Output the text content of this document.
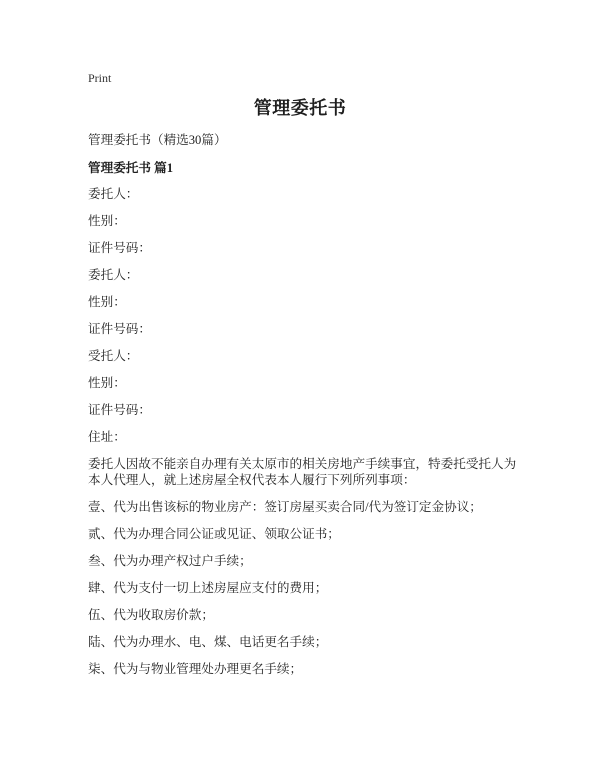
Print
管理委托书

管理委托书（精选30篇）

管理委托书 篇1

委托人：

性别：

证件号码：

委托人：

性别：

证件号码：

受托人：

性别：

证件号码：

住址：

委托人因故不能亲自办理有关太原市的相关房地产手续事宜，特委托受托人为本人代理人，就上述房屋全权代表本人履行下列所列事项：

壹、代为出售该标的物业房产：签订房屋买卖合同/代为签订定金协议；

贰、代为办理合同公证或见证、领取公证书；

叁、代为办理产权过户手续；

肆、代为支付一切上述房屋应支付的费用；

伍、代为收取房价款；

陆、代为办理水、电、煤、电话更名手续；

柒、代为与物业管理处办理更名手续；
